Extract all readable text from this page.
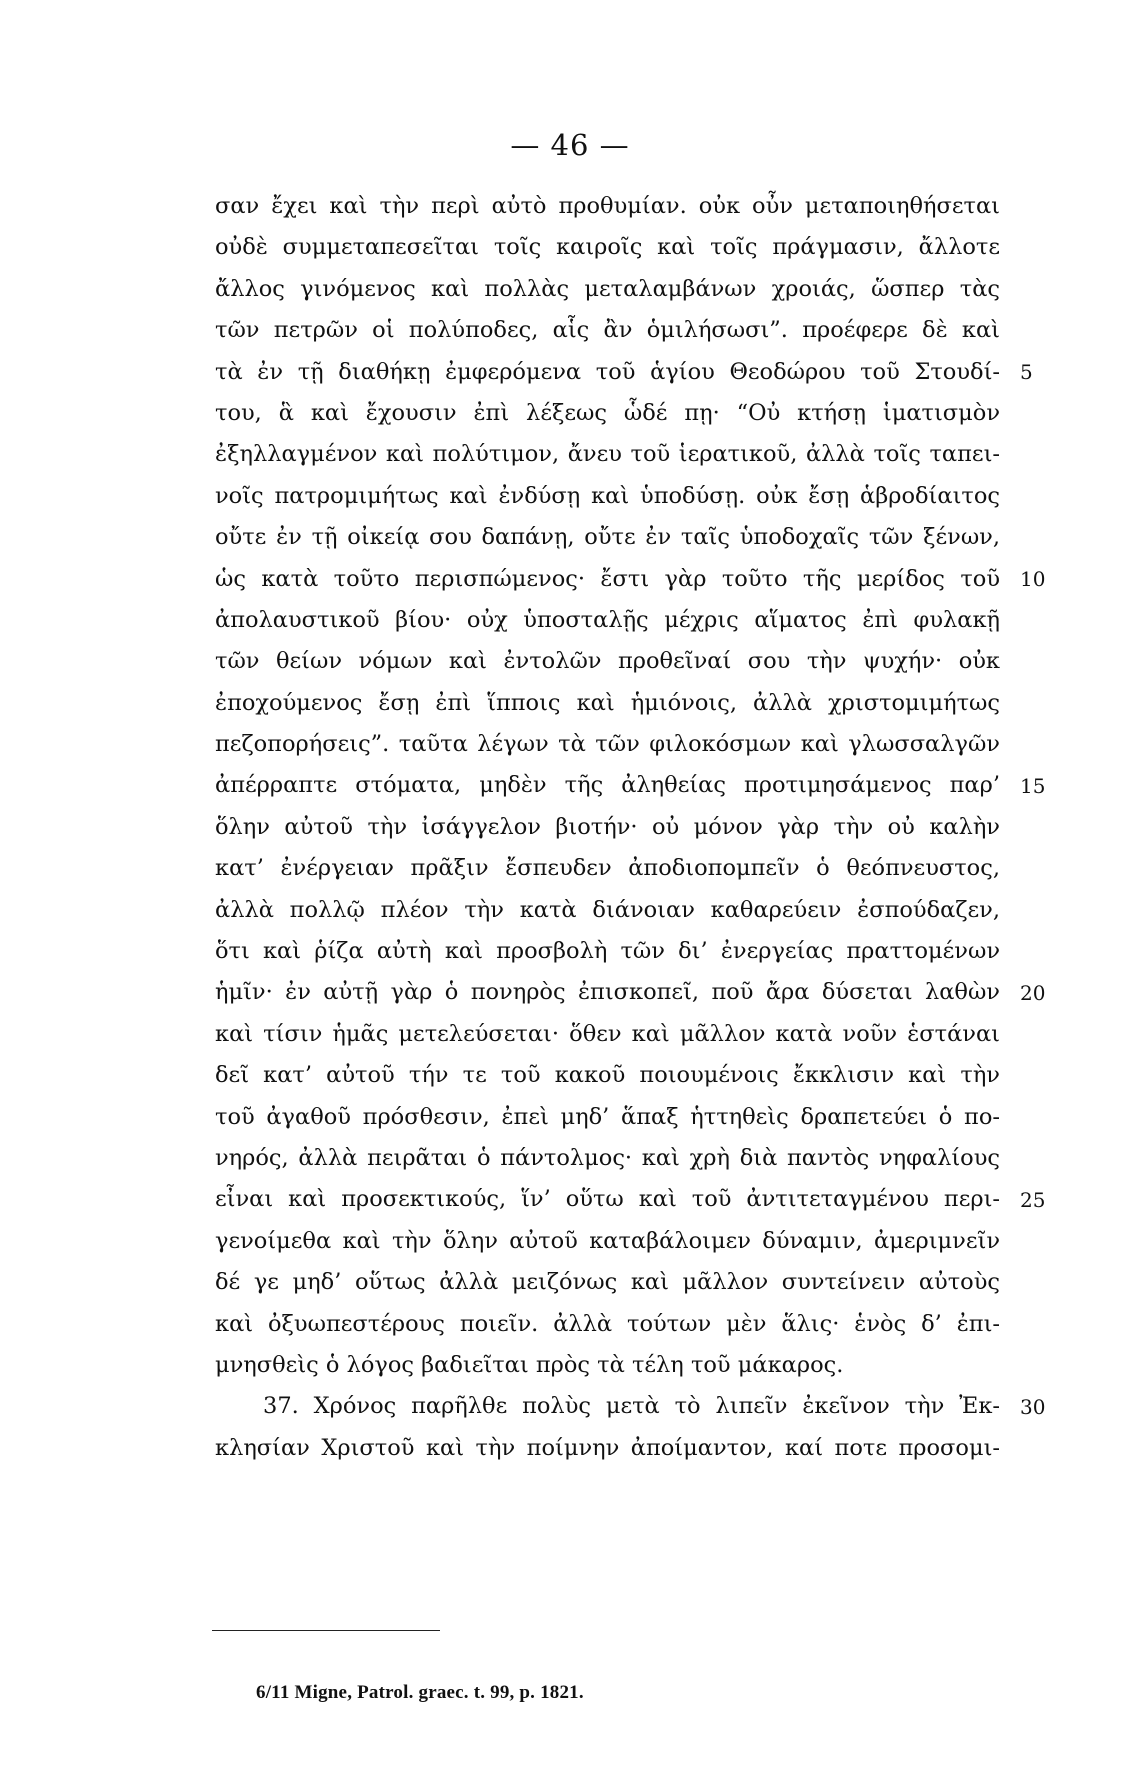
— 46 —
σαν ἔχει καὶ τὴν περὶ αὐτὸ προθυμίαν. οὐκ οὖν μεταποιηθήσεται
οὐδὲ συμμεταπεσεῖται τοῖς καιροῖς καὶ τοῖς πράγμασιν, ἄλλοτε
ἄλλος γινόμενος καὶ πολλὰς μεταλαμβάνων χροιάς, ὥσπερ τὰς
τῶν πετρῶν οἱ πολύποδες, αἷς ἂν ὁμιλήσωσι”. προέφερε δὲ καὶ
τὰ ἐν τῇ διαθήκῃ ἐμφερόμενα τοῦ ἁγίου Θεοδώρου τοῦ Στουδί-
του, ἃ καὶ ἔχουσιν ἐπὶ λέξεως ὧδέ πῃ· “Οὐ κτήσῃ ἱματισμὸν
ἐξηλλαγμένον καὶ πολύτιμον, ἄνευ τοῦ ἱερατικοῦ, ἀλλὰ τοῖς ταπει-
νοῖς πατρομιμήτως καὶ ἐνδύσῃ καὶ ὑποδύσῃ. οὐκ ἔσῃ ἁβροδίαιτος
οὔτε ἐν τῇ οἰκείᾳ σου δαπάνῃ, οὔτε ἐν ταῖς ὑποδοχαῖς τῶν ξένων,
ὡς κατὰ τοῦτο περισπώμενος· ἔστι γὰρ τοῦτο τῆς μερίδος τοῦ
ἀπολαυστικοῦ βίου· οὐχ ὑποσταλῇς μέχρις αἵματος ἐπὶ φυλακῇ
τῶν θείων νόμων καὶ ἐντολῶν προθεῖναί σου τὴν ψυχήν· οὐκ
ἐποχούμενος ἔσῃ ἐπὶ ἵπποις καὶ ἡμιόνοις, ἀλλὰ χριστομιμήτως
πεζοπορήσεις”. ταῦτα λέγων τὰ τῶν φιλοκόσμων καὶ γλωσσαλγῶν
ἀπέρραπτε στόματα, μηδὲν τῆς ἀληθείας προτιμησάμενος παρ’
ὅλην αὐτοῦ τὴν ἰσάγγελον βιοτήν· οὐ μόνον γὰρ τὴν οὐ καλὴν
κατ’ ἐνέργειαν πρᾶξιν ἔσπευδεν ἀποδιοπομπεῖν ὁ θεόπνευστος,
ἀλλὰ πολλῷ πλέον τὴν κατὰ διάνοιαν καθαρεύειν ἐσπούδαζεν,
ὅτι καὶ ῥίζα αὐτὴ καὶ προσβολὴ τῶν δι’ ἐνεργείας πραττομένων
ἡμῖν· ἐν αὐτῇ γὰρ ὁ πονηρὸς ἐπισκοπεῖ, ποῦ ἄρα δύσεται λαθὼν
καὶ τίσιν ἡμᾶς μετελεύσεται· ὅθεν καὶ μᾶλλον κατὰ νοῦν ἑστάναι
δεῖ κατ’ αὐτοῦ τήν τε τοῦ κακοῦ ποιουμένοις ἔκκλισιν καὶ τὴν
τοῦ ἀγαθοῦ πρόσθεσιν, ἐπεὶ μηδ’ ἅπαξ ἡττηθεὶς δραπετεύει ὁ πο-
νηρός, ἀλλὰ πειρᾶται ὁ πάντολμος· καὶ χρὴ διὰ παντὸς νηφαλίους
εἶναι καὶ προσεκτικούς, ἵν’ οὕτω καὶ τοῦ ἀντιτεταγμένου περι-
γενοίμεθα καὶ τὴν ὅλην αὐτοῦ καταβάλοιμεν δύναμιν, ἀμεριμνεῖν
δέ γε μηδ’ οὕτως ἀλλὰ μειζόνως καὶ μᾶλλον συντείνειν αὐτοὺς
καὶ ὀξυωπεστέρους ποιεῖν. ἀλλὰ τούτων μὲν ἅλις· ἑνὸς δ’ ἐπι-
μνησθεὶς ὁ λόγος βαδιεῖται πρὸς τὰ τέλη τοῦ μάκαρος.
37. Χρόνος παρῆλθε πολὺς μετὰ τὸ λιπεῖν ἐκεῖνον τὴν Ἐκ-
κλησίαν Χριστοῦ καὶ τὴν ποίμνην ἀποίμαντον, καί ποτε προσομι-
5
10
15
20
25
30
6/11 Migne, Patrol. graec. t. 99, p. 1821.
